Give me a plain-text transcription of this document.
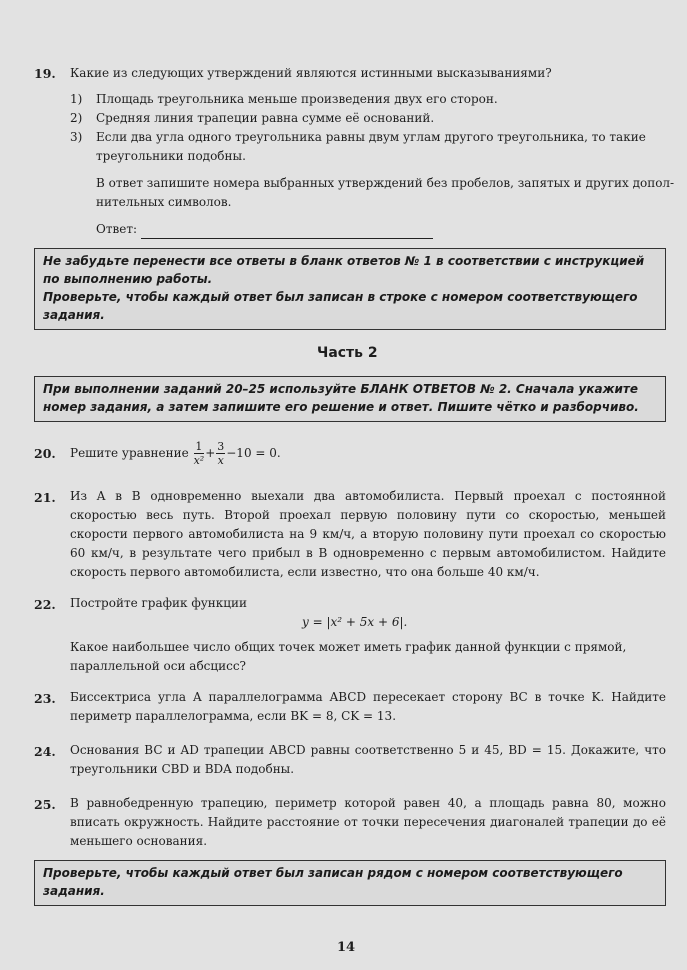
19. Какие из следующих утверждений являются истинными высказываниями?
1) Площадь треугольника меньше произведения двух его сторон.
2) Средняя линия трапеции равна сумме её оснований.
3) Если два угла одного треугольника равны двум углам другого треугольника, то такие
треугольники подобны.
В ответ запишите номера выбранных утверждений без пробелов, запятых и других допол-
нительных символов.
Ответ:
Не забудьте перенести все ответы в бланк ответов № 1 в соответствии с инструкцией
по выполнению работы.
Проверьте, чтобы каждый ответ был записан в строке с номером соответствующего
задания.
Часть 2
При выполнении заданий 20–25 используйте БЛАНК ОТВЕТОВ № 2. Сначала укажите
номер задания, а затем запишите его решение и ответ. Пишите чётко и разборчиво.
20. Решите уравнение $\frac{1}{\text{x²}} + \frac{3}{x} -10 = 0$.
21. Из A в B одновременно выехали два автомобилиста. Первый проехал с постоянной
скоростью весь путь. Второй проехал первую половину пути со скоростью, меньшей
скорости первого автомобилиста на 9 км/ч, а вторую половину пути проехал со скоростью
60 км/ч, в результате чего прибыл в B одновременно с первым автомобилистом. Найдите
скорость первого автомобилиста, если известно, что она больше 40 км/ч.
22. Постройте график функции
y = |x² + 5x + 6|.
Какое наибольшее число общих точек может иметь график данной функции с прямой,
параллельной оси абсцисс?
23. Биссектриса угла A параллелограмма ABCD пересекает сторону BC в точке K. Найдите
периметр параллелограмма, если BK = 8, CK = 13.
24. Основания BC и AD трапеции ABCD равны соответственно 5 и 45, BD = 15. Докажите, что
треугольники CBD и BDA подобны.
25. В равнобедренную трапецию, периметр которой равен 40, а площадь равна 80, можно
вписать окружность. Найдите расстояние от точки пересечения диагоналей трапеции до её
меньшего основания.
Проверьте, чтобы каждый ответ был записан рядом с номером соответствующего
задания.
14
